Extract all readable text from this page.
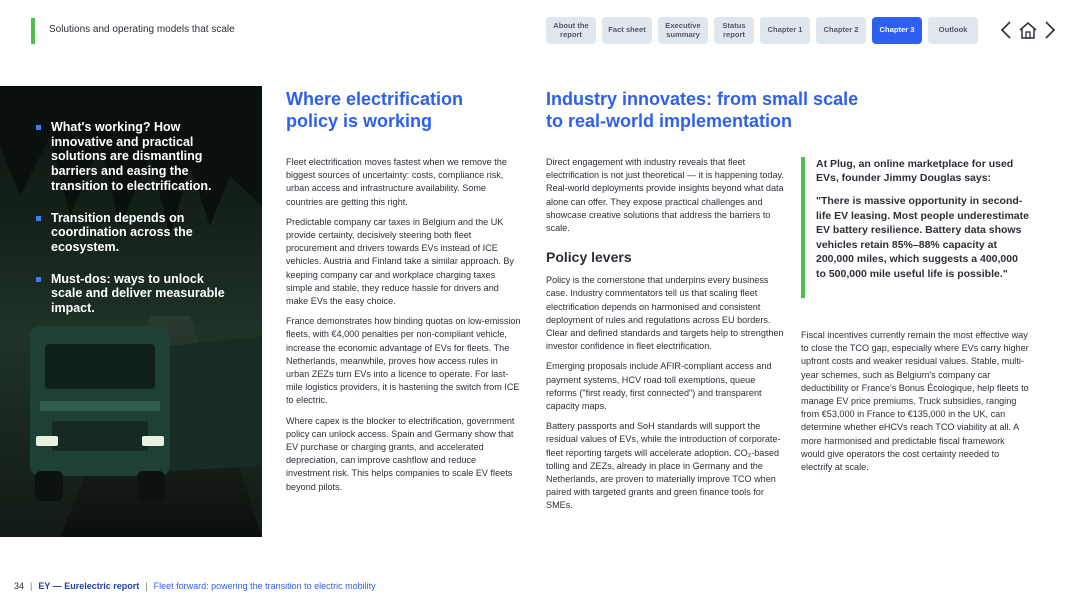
Solutions and operating models that scale	About the report	Fact sheet	Executive summary
Status report	Chapter 1	Chapter 2	Chapter 3	Outlook
What's working? How innovative and practical solutions are dismantling barriers and easing the transition to electrification.
Transition depends on coordination across the ecosystem.
Must-dos: ways to unlock scale and deliver measurable impact.
Where electrification policy is working

Fleet electrification moves fastest when we remove the biggest sources of uncertainty: costs, compliance risk, urban access and infrastructure availability. Some countries are getting this right.

Predictable company car taxes in Belgium and the UK provide certainty, decisively steering both fleet procurement and drivers towards EVs instead of ICE vehicles. Austria and Finland take a similar approach. By keeping company car and workplace charging taxes simple and stable, they reduce hassle for drivers and make EVs the easy choice.

France demonstrates how binding quotas on low-emission fleets, with €4,000 penalties per non-compliant vehicle, increase the economic advantage of EVs for fleets. The Netherlands, meanwhile, proves how access rules in urban ZEZs turn EVs into a licence to operate. For last-mile logistics providers, it is hastening the switch from ICE to electric.

Where capex is the blocker to electrification, government policy can unlock access. Spain and Germany show that EV purchase or charging grants, and accelerated depreciation, can improve cashflow and reduce investment risk. This helps companies to scale EV fleets beyond pilots.

Industry innovates: from small scale to real-world implementation

Direct engagement with industry reveals that fleet electrification is not just theoretical — it is happening today. Real-world deployments provide insights beyond what data alone can offer. They expose practical challenges and showcase creative solutions that address the barriers to scale.

Policy levers

Policy is the cornerstone that underpins every business case. Industry commentators tell us that scaling fleet electrification depends on harmonised and consistent deployment of rules and regulations across EU borders. Clear and defined standards and targets help to strengthen investor confidence in fleet electrification.

Emerging proposals include AFIR-compliant access and payment systems, HCV road toll exemptions, queue reforms ("first ready, first connected") and transparent capacity maps.

Battery passports and SoH standards will support the residual values of EVs, while the introduction of corporate-fleet reporting targets will accelerate adoption. CO₂-based tolling and ZEZs, already in place in Germany and the Netherlands, are proven to materially improve TCO when paired with targeted grants and green finance tools for SMEs.

At Plug, an online marketplace for used EVs, founder Jimmy Douglas says:

"There is massive opportunity in second-life EV leasing. Most people underestimate EV battery resilience. Battery data shows vehicles retain 85%–88% capacity at 200,000 miles, which suggests a 400,000 to 500,000 mile useful life is possible."

Fiscal incentives currently remain the most effective way to close the TCO gap, especially where EVs carry higher upfront costs and weaker residual values. Stable, multi-year schemes, such as Belgium's company car deductibility or France's Bonus Écologique, help fleets to manage EV price premiums. Truck subsidies, ranging from €53,000 in France to €135,000 in the UK, can determine whether eHCVs reach TCO viability at all. A more harmonised and predictable fiscal framework would give operators the cost certainty needed to electrify at scale.

34 | EY — Eurelectric report | Fleet forward: powering the transition to electric mobility
